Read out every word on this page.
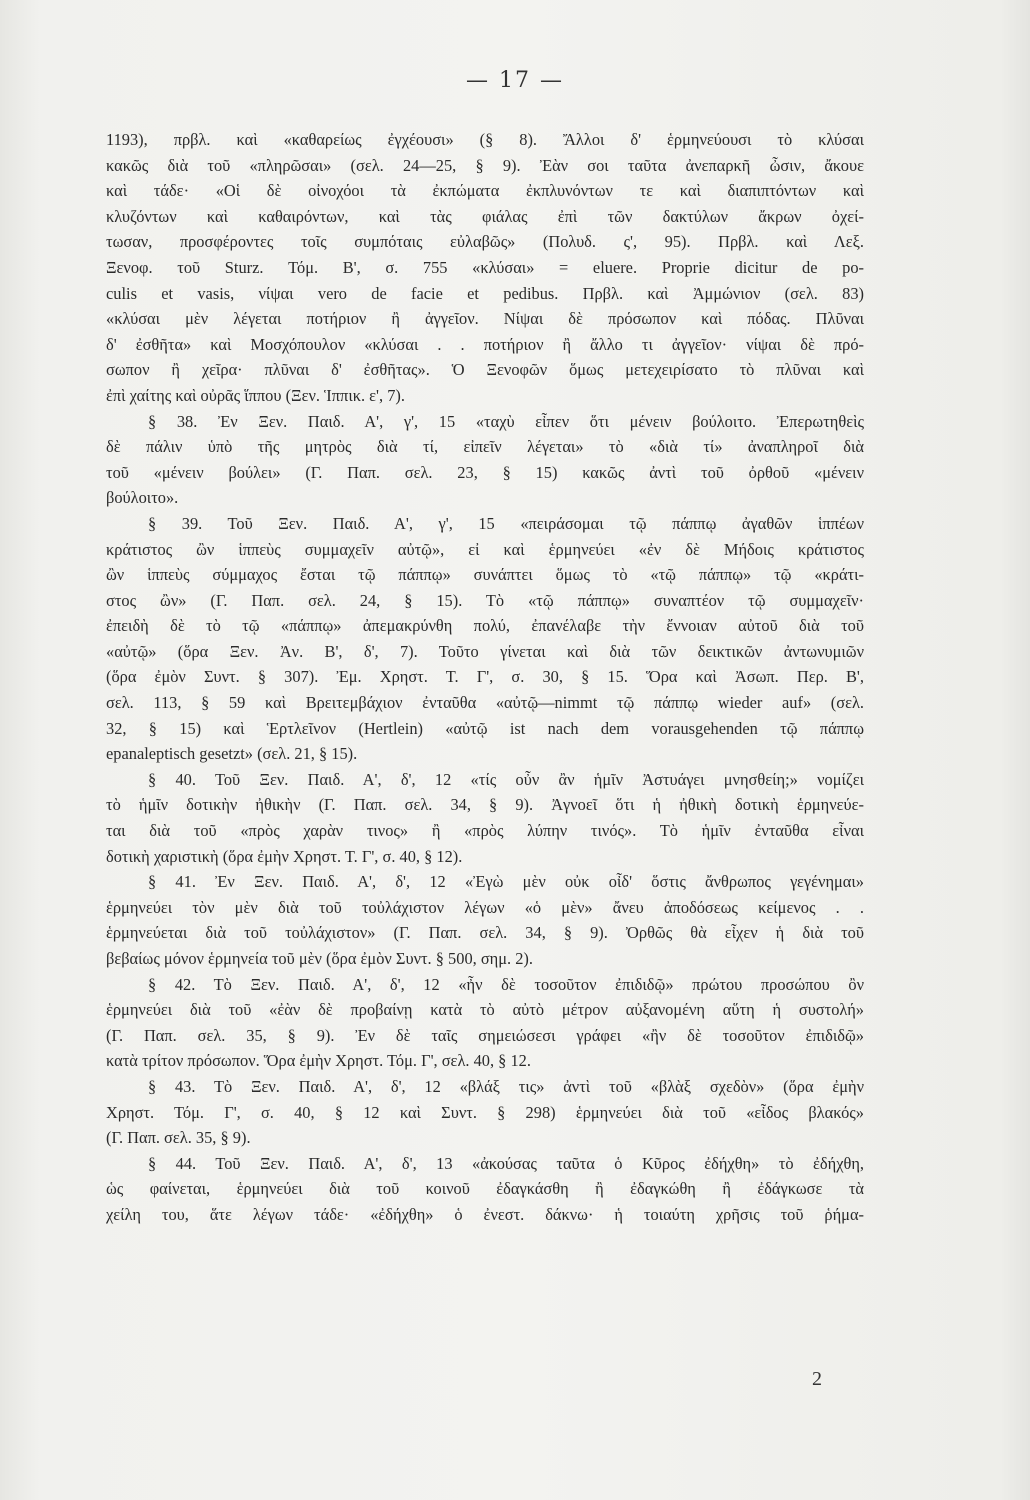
— 17 —
1193), πρβλ. καὶ «καθαρείως ἐγχέουσι» (§ 8). Ἄλλοι δ' ἑρμηνεύουσι τὸ κλύσαι
κακῶς διὰ τοῦ «πληρῶσαι» (σελ. 24—25, § 9). Ἐὰν σοι ταῦτα ἀνεπαρκῆ ὦσιν, ἄκουε
καὶ τάδε· «Οἱ δὲ οἰνοχόοι τὰ ἐκπώματα ἐκπλυνόντων τε καὶ διαπιπτόντων καὶ
κλυζόντων καὶ καθαιρόντων, καὶ τὰς φιάλας ἐπὶ τῶν δακτύλων ἄκρων ὀχεί-
τωσαν, προσφέροντες τοῖς συμπόταις εὐλαβῶς» (Πολυδ. ς', 95). Πρβλ. καὶ Λεξ.
Ξενοφ. τοῦ Sturz. Τόμ. Β', σ. 755 «κλύσαι» = eluere. Proprie dicitur de po-
culis et vasis, νίψαι vero de facie et pedibus. Πρβλ. καὶ Ἀμμώνιον (σελ. 83)
«κλύσαι μὲν λέγεται ποτήριον ἢ ἀγγεῖον. Νίψαι δὲ πρόσωπον καὶ πόδας. Πλῦναι
δ' ἐσθῆτα» καὶ Μοσχόπουλον «κλύσαι . . ποτήριον ἢ ἄλλο τι ἀγγεῖον· νίψαι δὲ πρό-
σωπον ἢ χεῖρα· πλῦναι δ' ἐσθῆτας». Ὁ Ξενοφῶν ὅμως μετεχειρίσατο τὸ πλῦναι καὶ
ἐπὶ χαίτης καὶ οὐρᾶς ἵππου (Ξεν. Ἱππικ. ε', 7).
§ 38. Ἐν Ξεν. Παιδ. Α', γ', 15 «ταχὺ εἶπεν ὅτι μένειν βούλοιτο. Ἐπερωτηθεὶς
δὲ πάλιν ὑπὸ τῆς μητρὸς διὰ τί, εἰπεῖν λέγεται» τὸ «διὰ τί» ἀναπληροῖ διὰ
τοῦ «μένειν βούλει» (Γ. Παπ. σελ. 23, § 15) κακῶς ἀντὶ τοῦ ὀρθοῦ «μένειν
βούλοιτο».
§ 39. Τοῦ Ξεν. Παιδ. Α', γ', 15 «πειράσομαι τῷ πάππῳ ἀγαθῶν ἱππέων
κράτιστος ὢν ἱππεὺς συμμαχεῖν αὐτῷ», εἰ καὶ ἑρμηνεύει «ἐν δὲ Μήδοις κράτιστος
ὢν ἱππεὺς σύμμαχος ἔσται τῷ πάππῳ» συνάπτει ὅμως τὸ «τῷ πάππῳ» τῷ «κράτι-
στος ὢν» (Γ. Παπ. σελ. 24, § 15). Τὸ «τῷ πάππῳ» συναπτέον τῷ συμμαχεῖν·
ἐπειδὴ δὲ τὸ τῷ «πάππῳ» ἀπεμακρύνθη πολύ, ἐπανέλαβε τὴν ἔννοιαν αὐτοῦ διὰ τοῦ
«αὐτῷ» (ὅρα Ξεν. Ἀν. Β', δ', 7). Τοῦτο γίνεται καὶ διὰ τῶν δεικτικῶν ἀντωνυμιῶν
(ὅρα ἐμὸν Συντ. § 307). Ἐμ. Χρηστ. Τ. Γ', σ. 30, § 15. Ὅρα καὶ Ἀσωπ. Περ. Β',
σελ. 113, § 59 καὶ Βρειτεμβάχιον ἐνταῦθα «αὐτῷ—nimmt τῷ πάππῳ wieder auf» (σελ.
32, § 15) καὶ Ἑρτλεῖνον (Hertlein) «αὐτῷ ist nach dem vorausgehenden τῷ πάππῳ
epanaleptisch gesetzt» (σελ. 21, § 15).
§ 40. Τοῦ Ξεν. Παιδ. Α', δ', 12 «τίς οὖν ἂν ἡμῖν Ἀστυάγει μνησθείη;» νομίζει
τὸ ἡμῖν δοτικὴν ἠθικὴν (Γ. Παπ. σελ. 34, § 9). Ἀγνοεῖ ὅτι ἡ ἠθικὴ δοτικὴ ἑρμηνεύε-
ται διὰ τοῦ «πρὸς χαρὰν τινος» ἢ «πρὸς λύπην τινός». Τὸ ἡμῖν ἐνταῦθα εἶναι
δοτικὴ χαριστικὴ (ὅρα ἐμὴν Χρηστ. Τ. Γ', σ. 40, § 12).
§ 41. Ἐν Ξεν. Παιδ. Α', δ', 12 «Ἐγὼ μὲν οὐκ οἶδ' ὅστις ἄνθρωπος γεγένημαι»
ἑρμηνεύει τὸν μὲν διὰ τοῦ τοὐλάχιστον λέγων «ὁ μὲν» ἄνευ ἀποδόσεως κείμενος . .
ἑρμηνεύεται διὰ τοῦ τοὐλάχιστον» (Γ. Παπ. σελ. 34, § 9). Ὀρθῶς θὰ εἶχεν ἡ διὰ τοῦ
βεβαίως μόνον ἑρμηνεία τοῦ μὲν (ὅρα ἐμὸν Συντ. § 500, σημ. 2).
§ 42. Τὸ Ξεν. Παιδ. Α', δ', 12 «ἦν δὲ τοσοῦτον ἐπιδιδῷ» πρώτου προσώπου ὂν
ἑρμηνεύει διὰ τοῦ «ἐὰν δὲ προβαίνῃ κατὰ τὸ αὐτὸ μέτρον αὐξανομένη αὕτη ἡ συστολή»
(Γ. Παπ. σελ. 35, § 9). Ἐν δὲ ταῖς σημειώσεσι γράφει «ἢν δὲ τοσοῦτον ἐπιδιδῷ»
κατὰ τρίτον πρόσωπον. Ὅρα ἐμὴν Χρηστ. Τόμ. Γ', σελ. 40, § 12.
§ 43. Τὸ Ξεν. Παιδ. Α', δ', 12 «βλάξ τις» ἀντὶ τοῦ «βλὰξ σχεδὸν» (ὅρα ἐμὴν
Χρηστ. Τόμ. Γ', σ. 40, § 12 καὶ Συντ. § 298) ἑρμηνεύει διὰ τοῦ «εἶδος βλακός»
(Γ. Παπ. σελ. 35, § 9).
§ 44. Τοῦ Ξεν. Παιδ. Α', δ', 13 «ἀκούσας ταῦτα ὁ Κῦρος ἐδήχθη» τὸ ἐδήχθη,
ὡς φαίνεται, ἑρμηνεύει διὰ τοῦ κοινοῦ ἐδαγκάσθη ἢ ἐδαγκώθη ἢ ἐδάγκωσε τὰ
χείλη του, ἅτε λέγων τάδε· «ἐδήχθη» ὁ ἐνεστ. δάκνω· ἡ τοιαύτη χρῆσις τοῦ ῥήμα-
2
